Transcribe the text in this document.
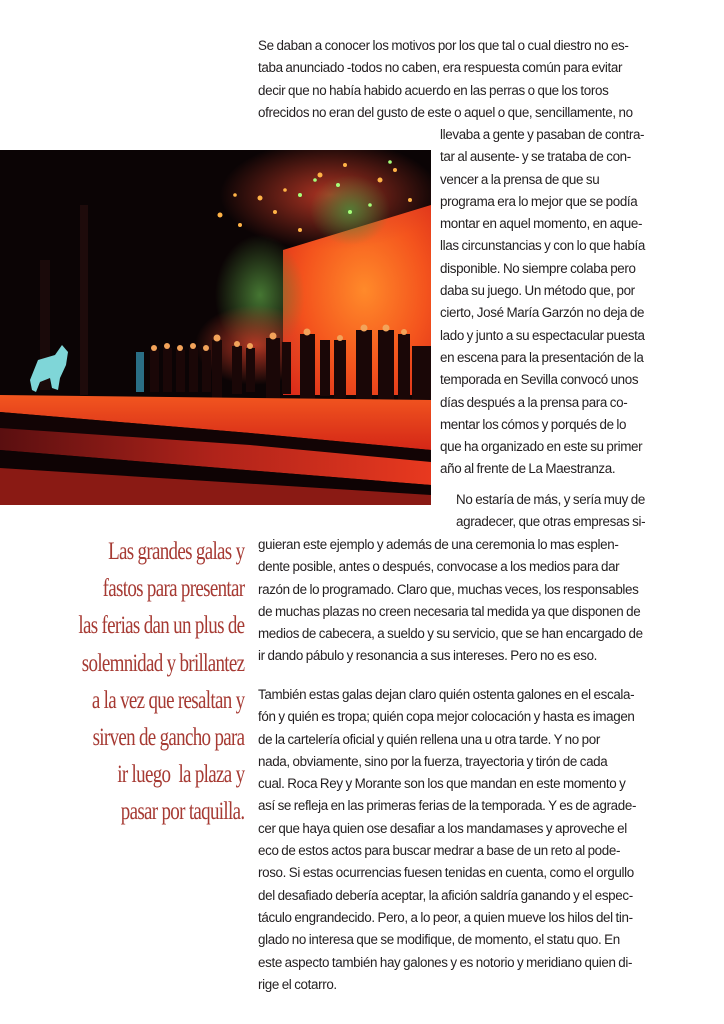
Se daban a conocer los motivos por los que tal o cual diestro no es-
taba anunciado -todos no caben, era respuesta común para evitar
decir que no había habido acuerdo en las perras o que los toros
ofrecidos no eran del gusto de este o aquel o que, sencillamente, no

llevaba a gente y pasaban de contra-
tar al ausente- y se trataba de con-
vencer a la prensa de que su
programa era lo mejor que se podía
montar en aquel momento, en aque-
llas circunstancias y con lo que había
disponible. No siempre colaba pero
daba su juego. Un método que, por
cierto, José María Garzón no deja de
lado y junto a su espectacular puesta
en escena para la presentación de la
temporada en Sevilla convocó unos
días después a la prensa para co-
mentar los cómos y porqués de lo
que ha organizado en este su primer
año al frente de La Maestranza.

No estaría de más, y sería muy de
agradecer, que otras empresas si-

guieran este ejemplo y además de una ceremonia lo mas esplen-
dente posible, antes o después, convocase a los medios para dar
razón de lo programado. Claro que, muchas veces, los responsables
de muchas plazas no creen necesaria tal medida ya que disponen de
medios de cabecera, a sueldo y su servicio, que se han encargado de
ir dando pábulo y resonancia a sus intereses. Pero no es eso.

También estas galas dejan claro quién ostenta galones en el escala-
fón y quién es tropa; quién copa mejor colocación y hasta es imagen
de la cartelería oficial y quién rellena una u otra tarde. Y no por
nada, obviamente, sino por la fuerza, trayectoria y tirón de cada
cual. Roca Rey y Morante son los que mandan en este momento y
así se refleja en las primeras ferias de la temporada. Y es de agrade-
cer que haya quien ose desafiar a los mandamases y aproveche el
eco de estos actos para buscar medrar a base de un reto al pode-
roso. Si estas ocurrencias fuesen tenidas en cuenta, como el orgullo
del desafiado debería aceptar, la afición saldría ganando y el espec-
táculo engrandecido. Pero, a lo peor, a quien mueve los hilos del tin-
glado no interesa que se modifique, de momento, el statu quo. En
este aspecto también hay galones y es notorio y meridiano quien di-
rige el cotarro.

Las grandes galas y
fastos para presentar
las ferias dan un plus de
solemnidad y brillantez
a la vez que resaltan y
sirven de gancho para
ir luego  la plaza y
pasar por taquilla.
